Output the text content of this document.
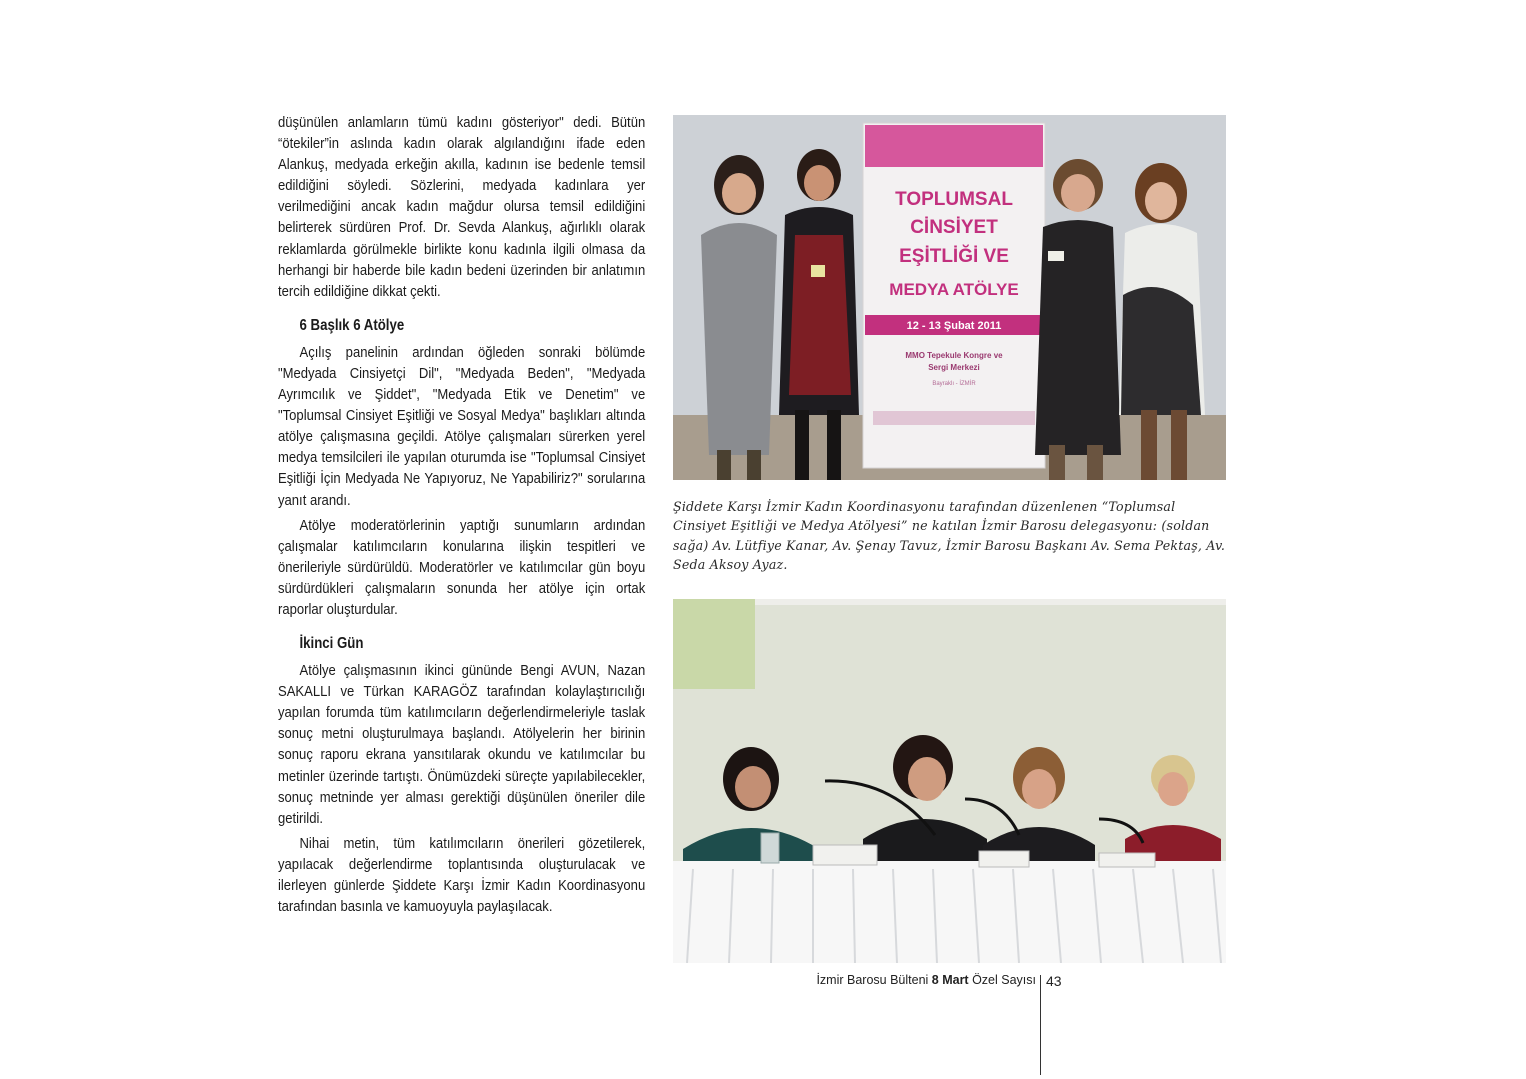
düşünülen anlamların tümü kadını gösteriyor" dedi. Bütün “ötekiler”in aslında kadın olarak algılandığını ifade eden Alankuş, medyada erkeğin akılla, kadının ise bedenle temsil edildiğini söyledi. Sözlerini, medyada kadınlara yer verilmediğini ancak kadın mağdur olursa temsil edildiğini belirterek sürdüren Prof. Dr. Sevda Alankuş, ağırlıklı olarak reklamlarda görülmekle birlikte konu kadınla ilgili olmasa da herhangi bir haberde bile kadın bedeni üzerinden bir anlatımın tercih edildiğine dikkat çekti.

6 Başlık 6 Atölye

Açılış panelinin ardından öğleden sonraki bölümde "Medyada Cinsiyetçi Dil", "Medyada Beden", "Medyada Ayrımcılık ve Şiddet", "Medyada Etik ve Denetim" ve "Toplumsal Cinsiyet Eşitliği ve Sosyal Medya" başlıkları altında atölye çalışmasına geçildi. Atölye çalışmaları sürerken yerel medya temsilcileri ile yapılan oturumda ise "Toplumsal Cinsiyet Eşitliği İçin Medyada Ne Yapıyoruz, Ne Yapabiliriz?" sorularına yanıt arandı.

Atölye moderatörlerinin yaptığı sunumların ardından çalışmalar katılımcıların konularına ilişkin tespitleri ve önerileriyle sürdürüldü. Moderatörler ve katılımcılar gün boyu sürdürdükleri çalışmaların sonunda her atölye için ortak raporlar oluşturdular.

İkinci Gün

Atölye çalışmasının ikinci gününde Bengi AVUN, Nazan SAKALLI ve Türkan KARAGÖZ tarafından kolaylaştırıcılığı yapılan forumda tüm katılımcıların değerlendirmeleriyle taslak sonuç metni oluşturulmaya başlandı. Atölyelerin her birinin sonuç raporu ekrana yansıtılarak okundu ve katılımcılar bu metinler üzerinde tartıştı. Önümüzdeki süreçte yapılabilecekler, sonuç metninde yer alması gerektiği düşünülen öneriler dile getirildi.

Nihai metin, tüm katılımcıların önerileri gözetilerek, yapılacak değerlendirme toplantısında oluşturulacak ve ilerleyen günlerde Şiddete Karşı İzmir Kadın Koordinasyonu tarafından basınla ve kamuoyuyla paylaşılacak.

TOPLUMSAL
CİNSİYET
EŞİTLİĞİ VE
MEDYA ATÖLYE
12 - 13 Şubat 2011
MMO Tepekule Kongre ve
Sergi Merkezi
Bayraklı - İZMİR
Şiddete Karşı İzmir Kadın Koordinasyonu tarafından düzenlenen “Toplumsal Cinsiyet Eşitliği ve Medya Atölyesi” ne katılan İzmir Barosu delegasyonu: (soldan sağa) Av. Lütfiye Kanar, Av. Şenay Tavuz, İzmir Barosu Başkanı Av. Sema Pektaş, Av. Seda Aksoy Ayaz.
İzmir Barosu Bülteni 8 Mart Özel Sayısı 43
